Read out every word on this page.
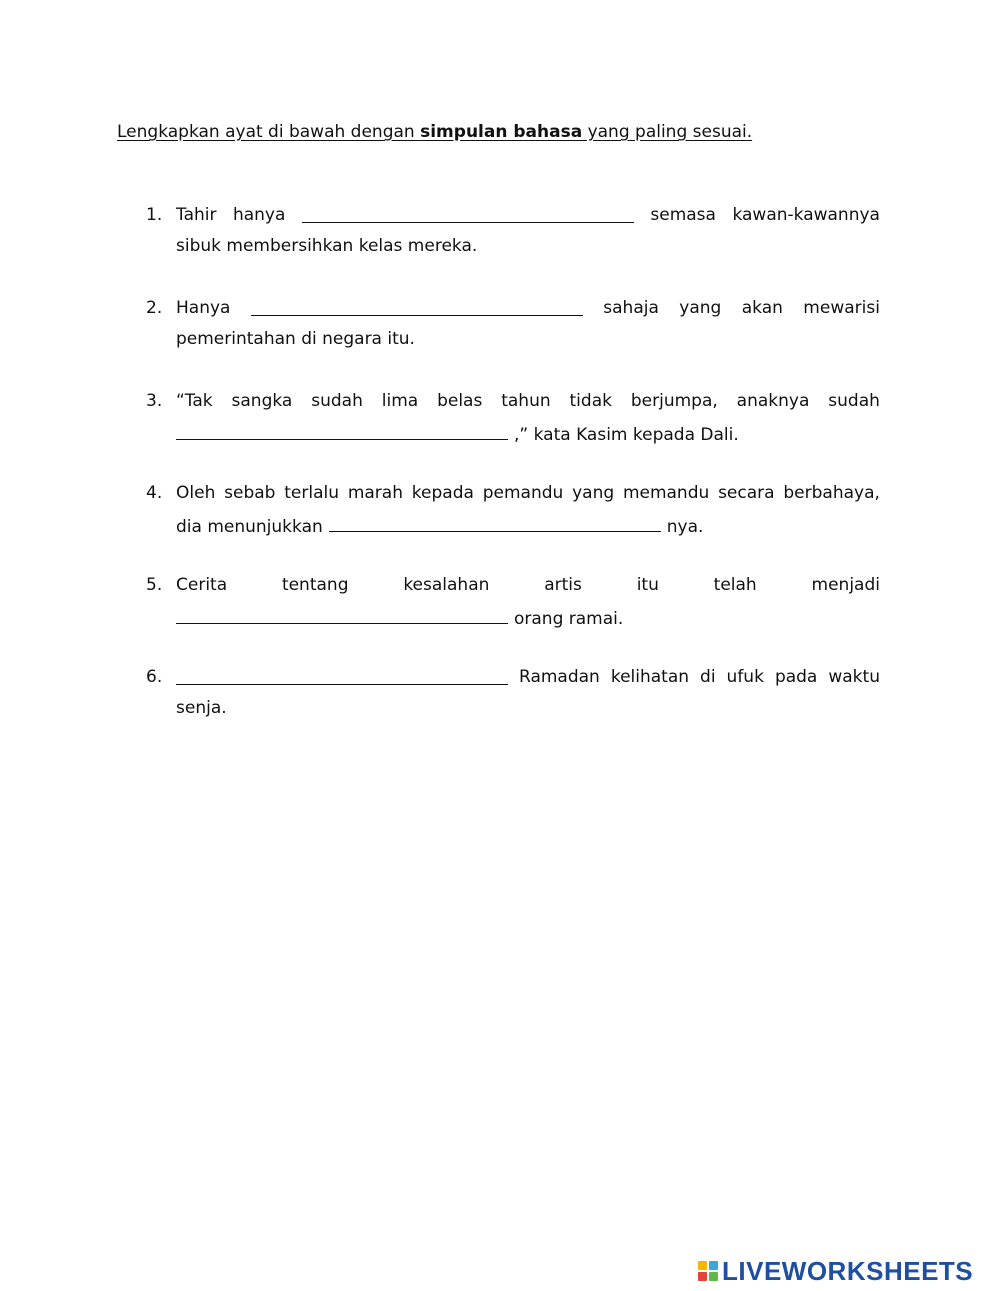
Lengkapkan ayat di bawah dengan simpulan bahasa yang paling sesuai.
1. Tahir hanya	semasa kawan-kawannya
sibuk membersihkan kelas mereka.
2. Hanya	sahaja yang akan mewarisi
pemerintahan di negara itu.
3. “Tak sangka sudah lima belas tahun tidak berjumpa, anaknya sudah
,” kata Kasim kepada Dali.
4. Oleh sebab terlalu marah kepada pemandu yang memandu secara berbahaya,
dia menunjukkan	nya.
5. Cerita	tentang	kesalahan	artis	itu	telah	menjadi
orang ramai.
6.	Ramadan kelihatan di ufuk pada waktu
senja.
LIVEWORKSHEETS
